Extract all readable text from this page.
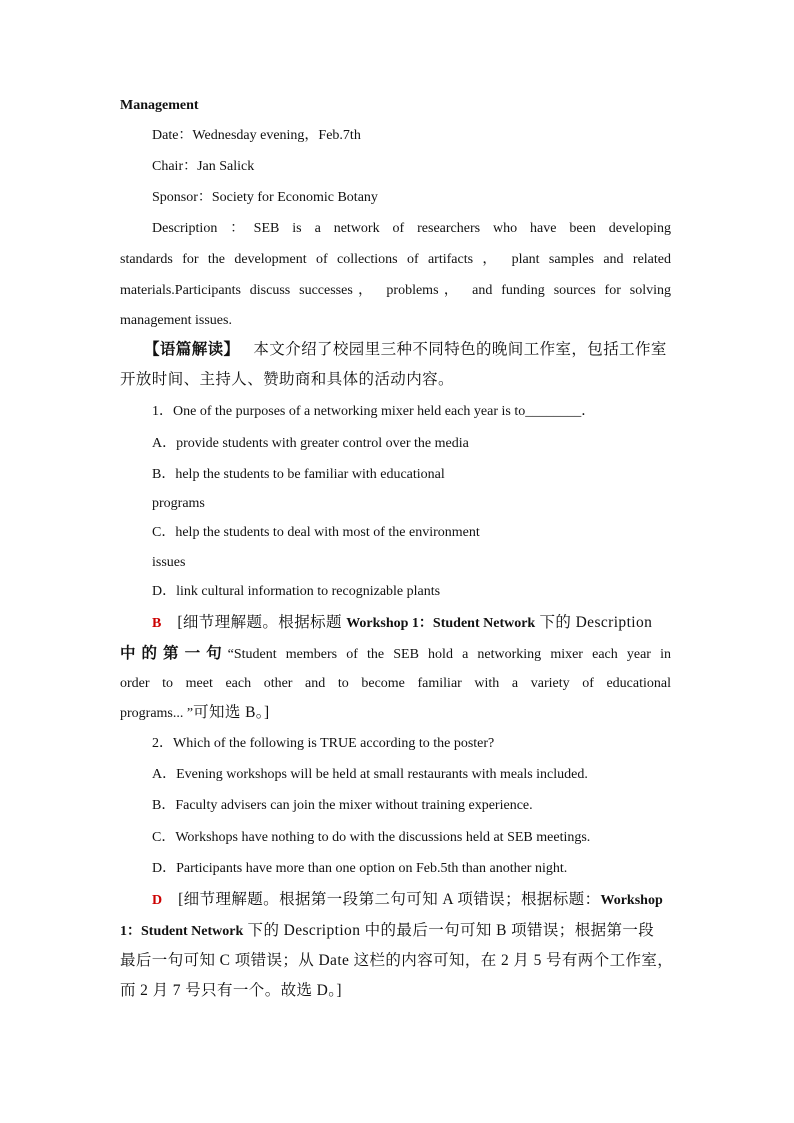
Management
Date：Wednesday evening，Feb.7th
Chair：Jan Salick
Sponsor：Society for Economic Botany
Description ：SEB is a network of researchers who have been developing
standards for the development of collections of artifacts ， plant samples and related
materials.Participants discuss successes， problems， and funding sources for solving
management issues.
【语篇解读】 本文介绍了校园里三种不同特色的晚间工作室，包括工作室
开放时间、主持人、赞助商和具体的活动内容。
1．One of the purposes of a networking mixer held each year is to________．
A．provide students with greater control over the media
B．help the students to be familiar with educational
programs
C．help the students to deal with most of the environment
issues
D．link cultural information to recognizable plants
B [细节理解题。根据标题 Workshop 1：Student Network 下的 Description
中的第一句“Student members of the SEB hold a networking mixer each year in
order to meet each other and to become familiar with a variety of educational
programs... ”可知选 B。]
2．Which of the following is TRUE according to the poster?
A．Evening workshops will be held at small restaurants with meals included.
B．Faculty advisers can join the mixer without training experience.
C．Workshops have nothing to do with the discussions held at SEB meetings.
D．Participants have more than one option on Feb.5th than another night.
D [细节理解题。根据第一段第二句可知 A 项错误；根据标题：Workshop
1：Student Network 下的 Description 中的最后一句可知 B 项错误；根据第一段
最后一句可知 C 项错误；从 Date 这栏的内容可知，在 2 月 5 号有两个工作室，
而 2 月 7 号只有一个。故选 D。]
